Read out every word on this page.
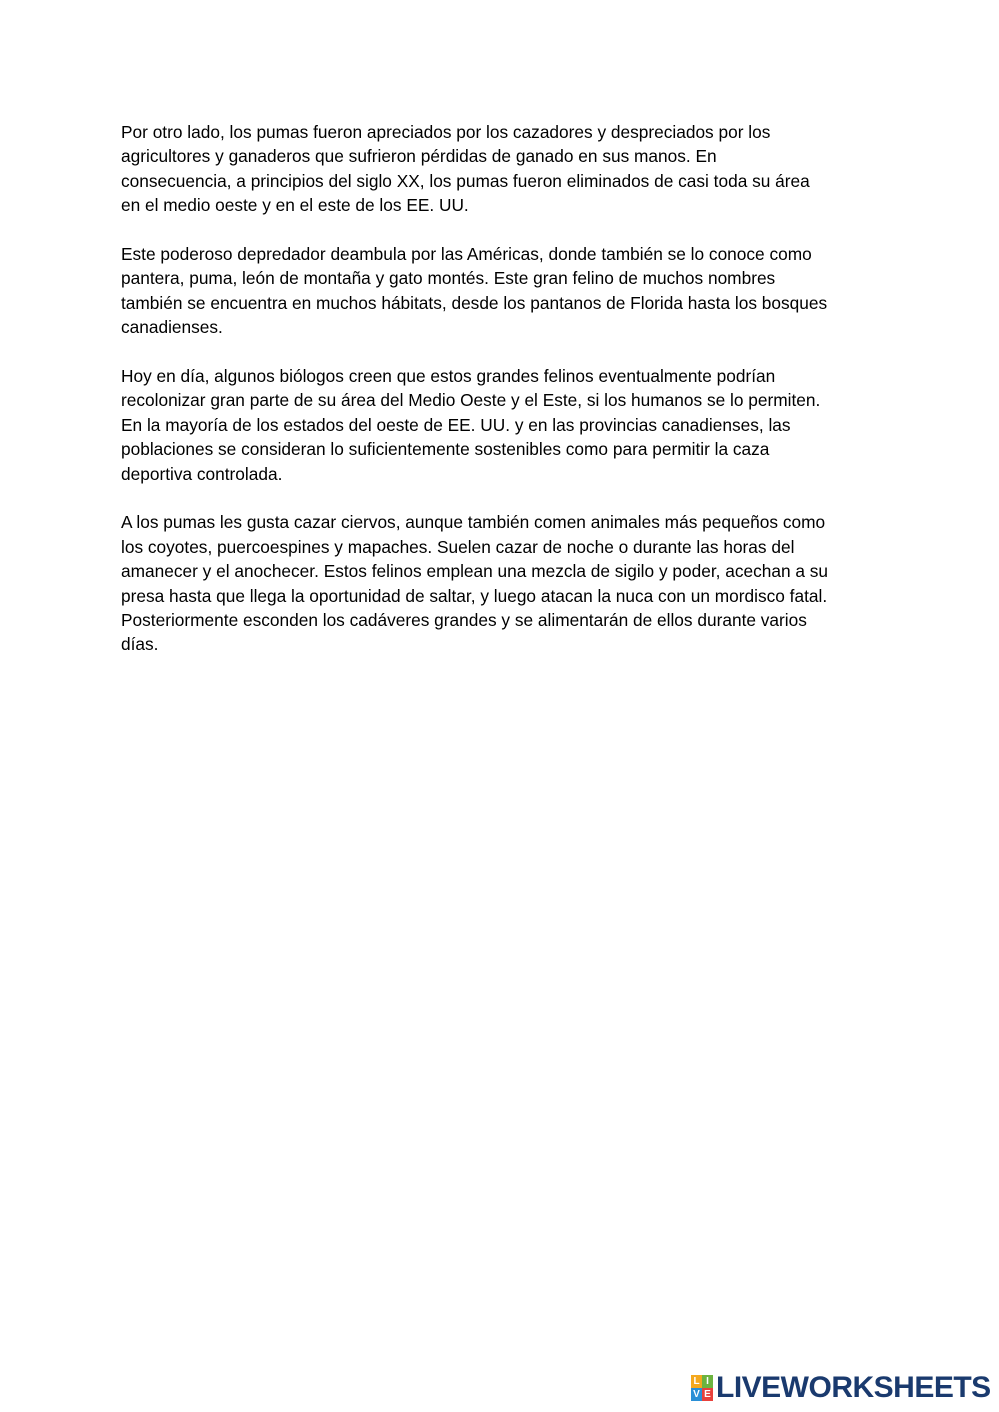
Por otro lado, los pumas fueron apreciados por los cazadores y despreciados por los
agricultores y ganaderos que sufrieron pérdidas de ganado en sus manos. En
consecuencia, a principios del siglo XX, los pumas fueron eliminados de casi toda su área
en el medio oeste y en el este de los EE. UU.

Este poderoso depredador deambula por las Américas, donde también se lo conoce como
pantera, puma, león de montaña y gato montés. Este gran felino de muchos nombres
también se encuentra en muchos hábitats, desde los pantanos de Florida hasta los bosques
canadienses.

Hoy en día, algunos biólogos creen que estos grandes felinos eventualmente podrían
recolonizar gran parte de su área del Medio Oeste y el Este, si los humanos se lo permiten.
En la mayoría de los estados del oeste de EE. UU. y en las provincias canadienses, las
poblaciones se consideran lo suficientemente sostenibles como para permitir la caza
deportiva controlada.

A los pumas les gusta cazar ciervos, aunque también comen animales más pequeños como
los coyotes, puercoespines y mapaches. Suelen cazar de noche o durante las horas del
amanecer y el anochecer. Estos felinos emplean una mezcla de sigilo y poder, acechan a su
presa hasta que llega la oportunidad de saltar, y luego atacan la nuca con un mordisco fatal.
Posteriormente esconden los cadáveres grandes y se alimentarán de ellos durante varios
días.

L I
V E LIVEWORKSHEETS
